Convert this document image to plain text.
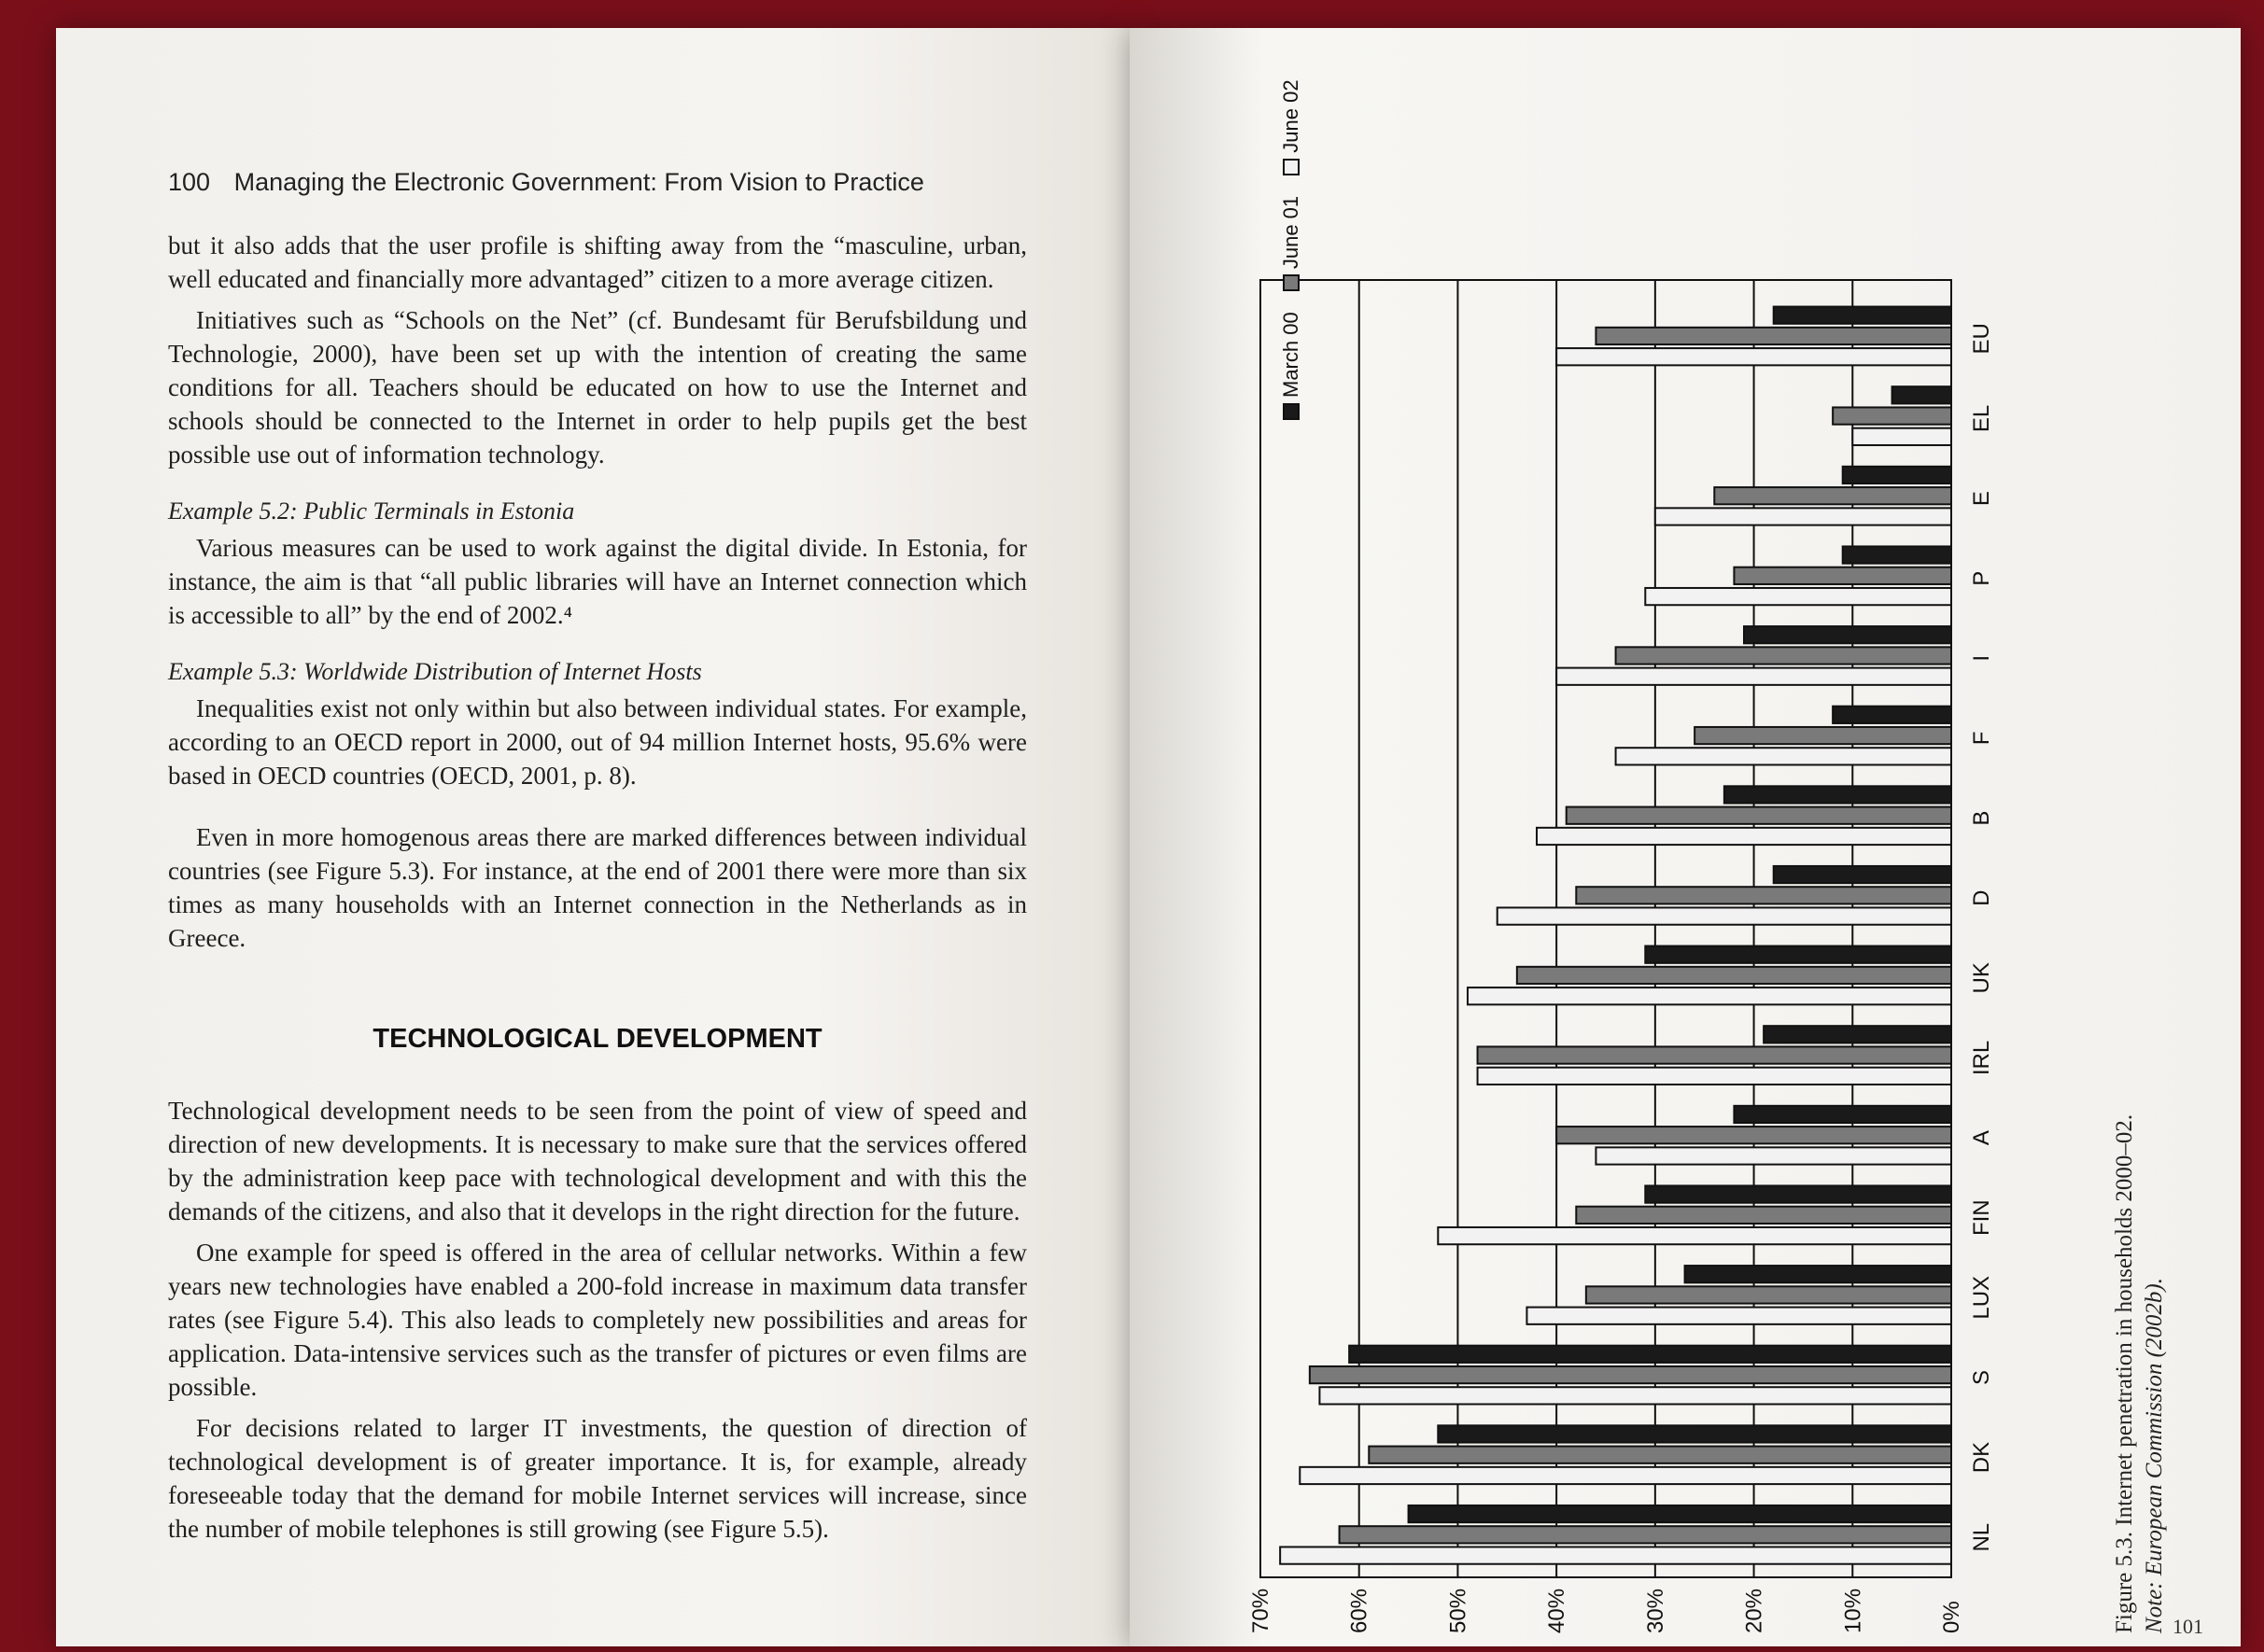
100 Managing the Electronic Government: From Vision to Practice

but it also adds that the user profile is shifting away from the “masculine, urban, well educated and financially more advantaged” citizen to a more average citizen.

Initiatives such as “Schools on the Net” (cf. Bundesamt für Berufsbildung und Technologie, 2000), have been set up with the intention of creating the same conditions for all. Teachers should be educated on how to use the Internet and schools should be connected to the Internet in order to help pupils get the best possible use out of information technology.

Example 5.2: Public Terminals in Estonia

Various measures can be used to work against the digital divide. In Estonia, for instance, the aim is that “all public libraries will have an Internet connection which is accessible to all” by the end of 2002.⁴

Example 5.3: Worldwide Distribution of Internet Hosts

Inequalities exist not only within but also between individual states. For example, according to an OECD report in 2000, out of 94 million Internet hosts, 95.6% were based in OECD countries (OECD, 2001, p. 8).

Even in more homogenous areas there are marked differences between individual countries (see Figure 5.3). For instance, at the end of 2001 there were more than six times as many households with an Internet connection in the Netherlands as in Greece.

TECHNOLOGICAL DEVELOPMENT

Technological development needs to be seen from the point of view of speed and direction of new developments. It is necessary to make sure that the services offered by the administration keep pace with technological development and with this the demands of the citizens, and also that it develops in the right direction for the future.

One example for speed is offered in the area of cellular networks. Within a few years new technologies have enabled a 200-fold increase in maximum data transfer rates (see Figure 5.4). This also leads to completely new possibilities and areas for application. Data-intensive services such as the transfer of pictures or even films are possible.

For decisions related to larger IT investments, the question of direction of technological development is of greater importance. It is, for example, already foreseeable today that the demand for mobile Internet services will increase, since the number of mobile telephones is still growing (see Figure 5.5).

0%
10%
20%
30%
40%
50%
60%
70%
NL
DK
S
LUX
FIN
A
IRL
UK
D
B
F
I
P
E
EL
EU
March 00

June 01

June 02
Figure 5.3. Internet penetration in households 2000–02. Note: European Commission (2002b). 101
